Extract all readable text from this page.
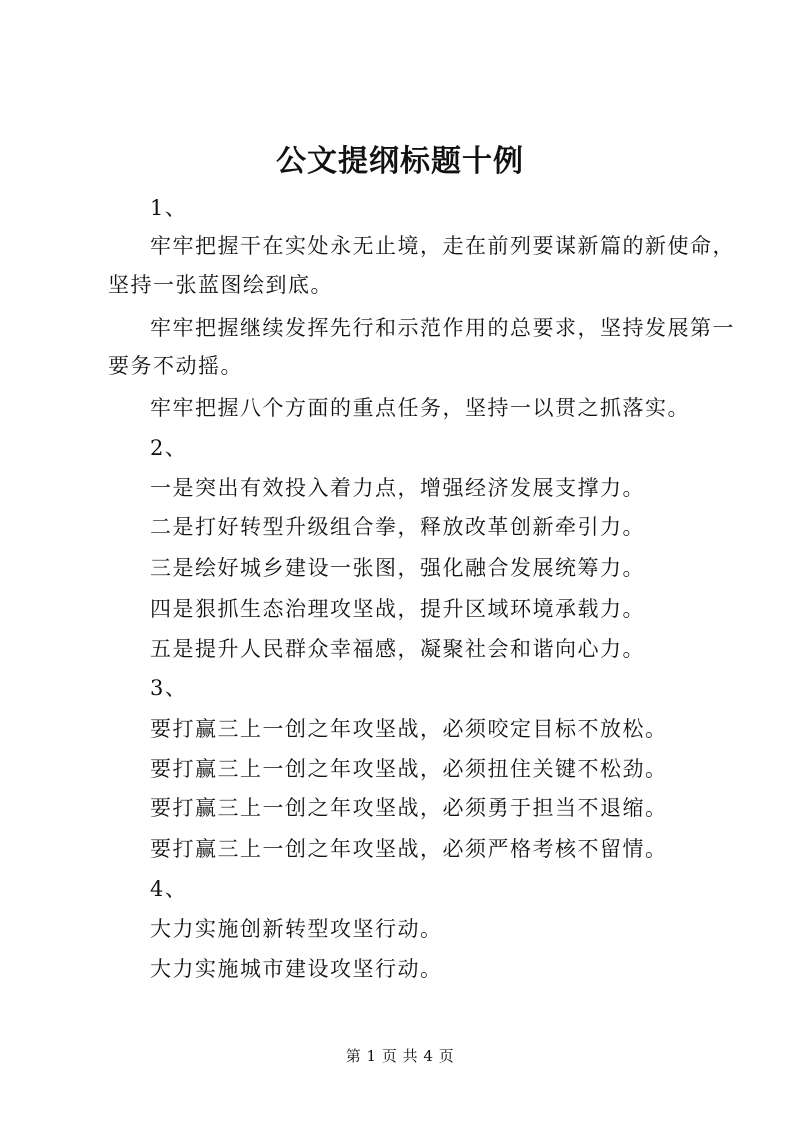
公文提纲标题十例
1、
牢牢把握干在实处永无止境，走在前列要谋新篇的新使命，
坚持一张蓝图绘到底。
牢牢把握继续发挥先行和示范作用的总要求，坚持发展第一
要务不动摇。
牢牢把握八个方面的重点任务，坚持一以贯之抓落实。
2、
一是突出有效投入着力点，增强经济发展支撑力。
二是打好转型升级组合拳，释放改革创新牵引力。
三是绘好城乡建设一张图，强化融合发展统筹力。
四是狠抓生态治理攻坚战，提升区域环境承载力。
五是提升人民群众幸福感，凝聚社会和谐向心力。
3、
要打赢三上一创之年攻坚战，必须咬定目标不放松。
要打赢三上一创之年攻坚战，必须扭住关键不松劲。
要打赢三上一创之年攻坚战，必须勇于担当不退缩。
要打赢三上一创之年攻坚战，必须严格考核不留情。
4、
大力实施创新转型攻坚行动。
大力实施城市建设攻坚行动。
第 1 页 共 4 页
